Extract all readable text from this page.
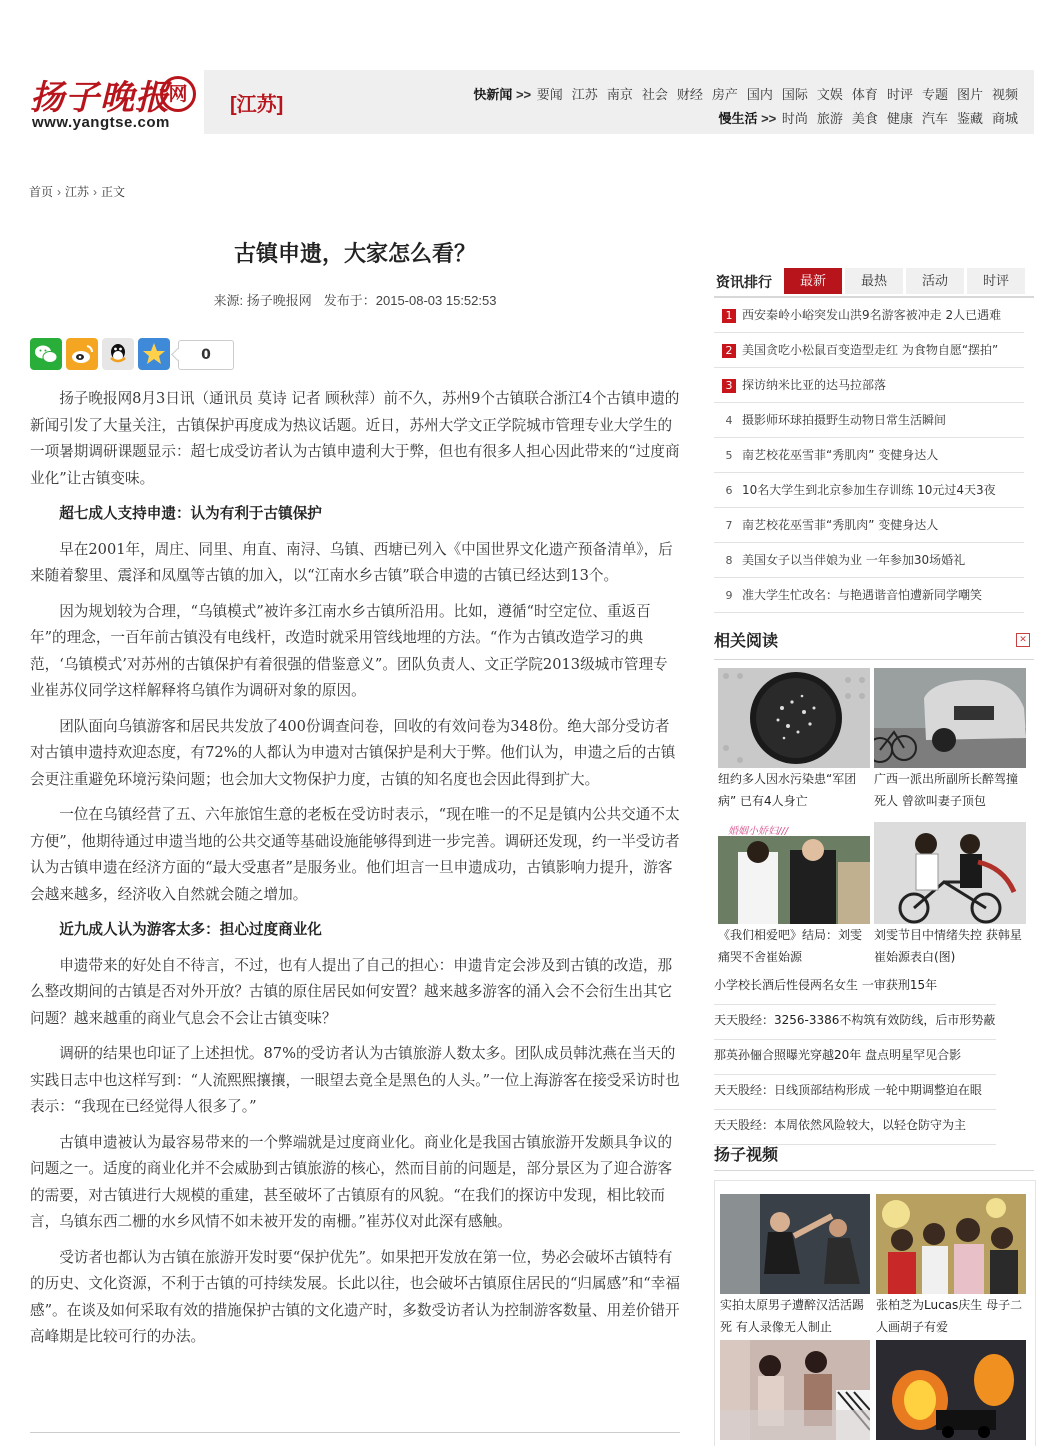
扬子晚报
网
www.yangtse.com
[江苏]	快新闻 >> 要闻 江苏 南京 社会 财经 房产 国内 国际 文娱 体育 时评 专题 图片 视频
慢生活 >> 时尚 旅游 美食 健康 汽车 鉴藏 商城
首页 › 江苏 › 正文
古镇申遗，大家怎么看？
来源: 扬子晚报网 发布于：2015-08-03 15:52:53
0

扬子晚报网8月3日讯（通讯员 莫诗 记者 顾秋萍）前不久，苏州9个古镇联合浙江4个古镇申遗的新闻引发了大量关注，古镇保护再度成为热议话题。近日，苏州大学文正学院城市管理专业大学生的一项暑期调研课题显示：超七成受访者认为古镇申遗利大于弊，但也有很多人担心因此带来的“过度商业化”让古镇变味。

超七成人支持申遗：认为有利于古镇保护

早在2001年，周庄、同里、甪直、南浔、乌镇、西塘已列入《中国世界文化遗产预备清单》，后来随着黎里、震泽和凤凰等古镇的加入，以“江南水乡古镇”联合申遗的古镇已经达到13个。

因为规划较为合理，“乌镇模式”被许多江南水乡古镇所沿用。比如，遵循“时空定位、重返百年”的理念，一百年前古镇没有电线杆，改造时就采用管线地埋的方法。“作为古镇改造学习的典范，‘乌镇模式’对苏州的古镇保护有着很强的借鉴意义”。团队负责人、文正学院2013级城市管理专业崔苏仪同学这样解释将乌镇作为调研对象的原因。

团队面向乌镇游客和居民共发放了400份调查问卷，回收的有效问卷为348份。绝大部分受访者对古镇申遗持欢迎态度，有72%的人都认为申遗对古镇保护是利大于弊。他们认为，申遗之后的古镇会更注重避免环境污染问题；也会加大文物保护力度，古镇的知名度也会因此得到扩大。

一位在乌镇经营了五、六年旅馆生意的老板在受访时表示，“现在唯一的不足是镇内公共交通不太方便”，他期待通过申遗当地的公共交通等基础设施能够得到进一步完善。调研还发现，约一半受访者认为古镇申遗在经济方面的“最大受惠者”是服务业。他们坦言一旦申遗成功，古镇影响力提升，游客会越来越多，经济收入自然就会随之增加。

近九成人认为游客太多：担心过度商业化

申遗带来的好处自不待言，不过，也有人提出了自己的担心：申遗肯定会涉及到古镇的改造，那么整改期间的古镇是否对外开放？古镇的原住居民如何安置？越来越多游客的涌入会不会衍生出其它问题？越来越重的商业气息会不会让古镇变味？

调研的结果也印证了上述担忧。87%的受访者认为古镇旅游人数太多。团队成员韩沈燕在当天的实践日志中也这样写到：“人流熙熙攘攘，一眼望去竟全是黑色的人头。”一位上海游客在接受采访时也表示：“我现在已经觉得人很多了。”

古镇申遗被认为最容易带来的一个弊端就是过度商业化。商业化是我国古镇旅游开发颇具争议的问题之一。适度的商业化并不会威胁到古镇旅游的核心，然而目前的问题是，部分景区为了迎合游客的需要，对古镇进行大规模的重建，甚至破坏了古镇原有的风貌。“在我们的探访中发现，相比较而言，乌镇东西二栅的水乡风情不如未被开发的南栅。”崔苏仪对此深有感触。

受访者也都认为古镇在旅游开发时要“保护优先”。如果把开发放在第一位，势必会破坏古镇特有的历史、文化资源，不利于古镇的可持续发展。长此以往，也会破坏古镇原住居民的“归属感”和“幸福感”。在谈及如何采取有效的措施保护古镇的文化遗产时，多数受访者认为控制游客数量、用差价错开高峰期是比较可行的办法。

资讯排行	最新	最热	活动	时评
1 西安秦岭小峪突发山洪9名游客被冲走 2人已遇难
2 美国贪吃小松鼠百变造型走红 为食物自愿“摆拍”
3 探访纳米比亚的达马拉部落
4 摄影师环球拍摄野生动物日常生活瞬间
5 南艺校花巫雪菲“秀肌肉” 变健身达人
6 10名大学生到北京参加生存训练 10元过4天3夜
7 南艺校花巫雪菲“秀肌肉” 变健身达人
8 美国女子以当伴娘为业 一年参加30场婚礼
9 准大学生忙改名：与艳遇谐音怕遭新同学嘲笑
相关阅读	✕
纽约多人因水污染患“军团病” 已有4人身亡
广西一派出所副所长醉驾撞死人 曾欲叫妻子顶包
婚姻小娇妇///
《我们相爱吧》结局：刘雯痛哭不舍崔始源
刘雯节目中情绪失控 获韩星崔始源表白(图)
小学校长酒后性侵两名女生 一审获刑15年
天天股经：3256-3386不构筑有效防线，后市形势蔽
那英孙俪合照曝光穿越20年 盘点明星罕见合影
天天股经：日线顶部结构形成 一轮中期调整迫在眼
天天股经：本周依然风险较大，以轻仓防守为主
扬子视频
实拍太原男子遭醉汉活活踢死 有人录像无人制止
张柏芝为Lucas庆生 母子二人画胡子有爱
